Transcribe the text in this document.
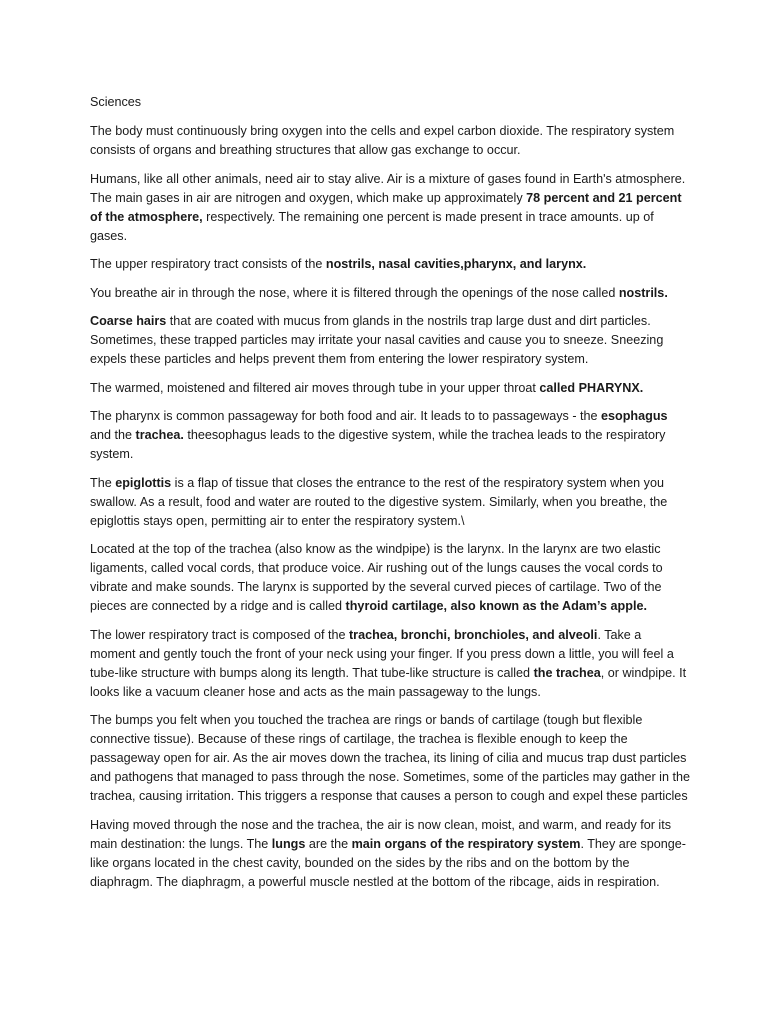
Sciences

The body must continuously bring oxygen into the cells and expel carbon dioxide. The respiratory system consists of organs and breathing structures that allow gas exchange to occur.

Humans, like all other animals, need air to stay alive. Air is a mixture of gases found in Earth's atmosphere. The main gases in air are nitrogen and oxygen, which make up approximately 78 percent and 21 percent of the atmosphere, respectively. The remaining one percent is made present in trace amounts. up of gases.

The upper respiratory tract consists of the nostrils, nasal cavities,pharynx, and larynx.

You breathe air in through the nose, where it is filtered through the openings of the nose called nostrils.

Coarse hairs that are coated with mucus from glands in the nostrils trap large dust and dirt particles. Sometimes, these trapped particles may irritate your nasal cavities and cause you to sneeze. Sneezing expels these particles and helps prevent them from entering the lower respiratory system.

The warmed, moistened and filtered air moves through tube in your upper throat called PHARYNX.

The pharynx is common passageway for both food and air. It leads to to passageways - the esophagus and the trachea. theesophagus leads to the digestive system, while the trachea leads to the respiratory system.

The epiglottis is a flap of tissue that closes the entrance to the rest of the respiratory system when you swallow. As a result, food and water are routed to the digestive system. Similarly, when you breathe, the epiglottis stays open, permitting air to enter the respiratory system.\

Located at the top of the trachea (also know as the windpipe) is the larynx. In the larynx are two elastic ligaments, called vocal cords, that produce voice. Air rushing out of the lungs causes the vocal cords to vibrate and make sounds. The larynx is supported by the several curved pieces of cartilage. Two of the pieces are connected by a ridge and is called thyroid cartilage, also known as the Adam’s apple.

The lower respiratory tract is composed of the trachea, bronchi, bronchioles, and alveoli. Take a moment and gently touch the front of your neck using your finger. If you press down a little, you will feel a tube-like structure with bumps along its length. That tube-like structure is called the trachea, or windpipe. It looks like a vacuum cleaner hose and acts as the main passageway to the lungs.

The bumps you felt when you touched the trachea are rings or bands of cartilage (tough but flexible connective tissue). Because of these rings of cartilage, the trachea is flexible enough to keep the passageway open for air. As the air moves down the trachea, its lining of cilia and mucus trap dust particles and pathogens that managed to pass through the nose. Sometimes, some of the particles may gather in the trachea, causing irritation. This triggers a response that causes a person to cough and expel these particles

Having moved through the nose and the trachea, the air is now clean, moist, and warm, and ready for its main destination: the lungs. The lungs are the main organs of the respiratory system. They are sponge-like organs located in the chest cavity, bounded on the sides by the ribs and on the bottom by the diaphragm. The diaphragm, a powerful muscle nestled at the bottom of the ribcage, aids in respiration.
